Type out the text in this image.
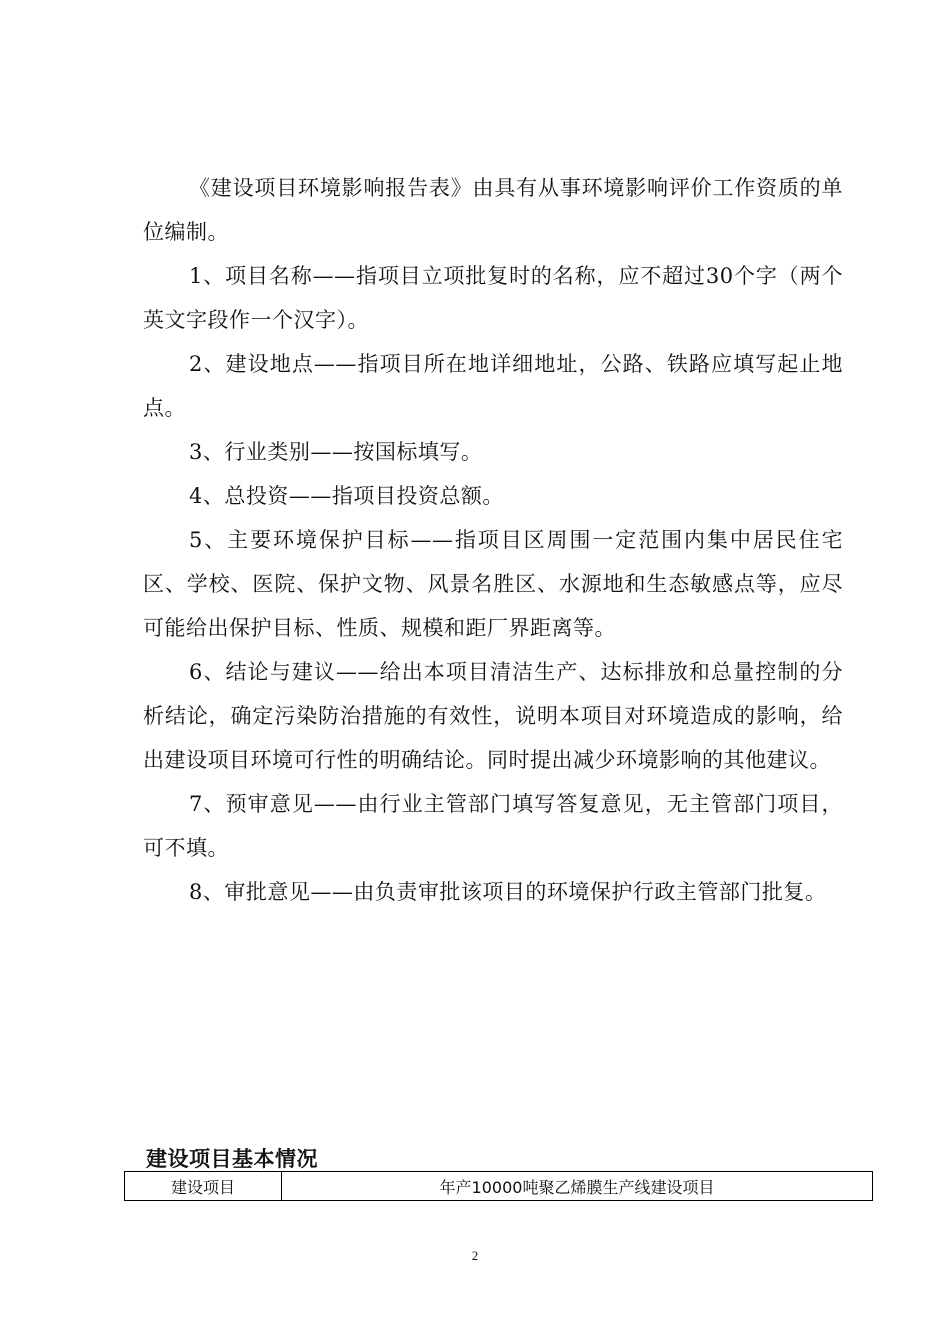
《建设项目环境影响报告表》由具有从事环境影响评价工作资质的单位编制。

1、项目名称——指项目立项批复时的名称，应不超过30个字（两个英文字段作一个汉字）。

2、建设地点——指项目所在地详细地址，公路、铁路应填写起止地点。

3、行业类别——按国标填写。

4、总投资——指项目投资总额。

5、主要环境保护目标——指项目区周围一定范围内集中居民住宅区、学校、医院、保护文物、风景名胜区、水源地和生态敏感点等，应尽可能给出保护目标、性质、规模和距厂界距离等。

6、结论与建议——给出本项目清洁生产、达标排放和总量控制的分析结论，确定污染防治措施的有效性，说明本项目对环境造成的影响，给出建设项目环境可行性的明确结论。同时提出减少环境影响的其他建议。

7、预审意见——由行业主管部门填写答复意见，无主管部门项目，可不填。

8、审批意见——由负责审批该项目的环境保护行政主管部门批复。

建设项目基本情况
建设项目	年产10000吨聚乙烯膜生产线建设项目
2
